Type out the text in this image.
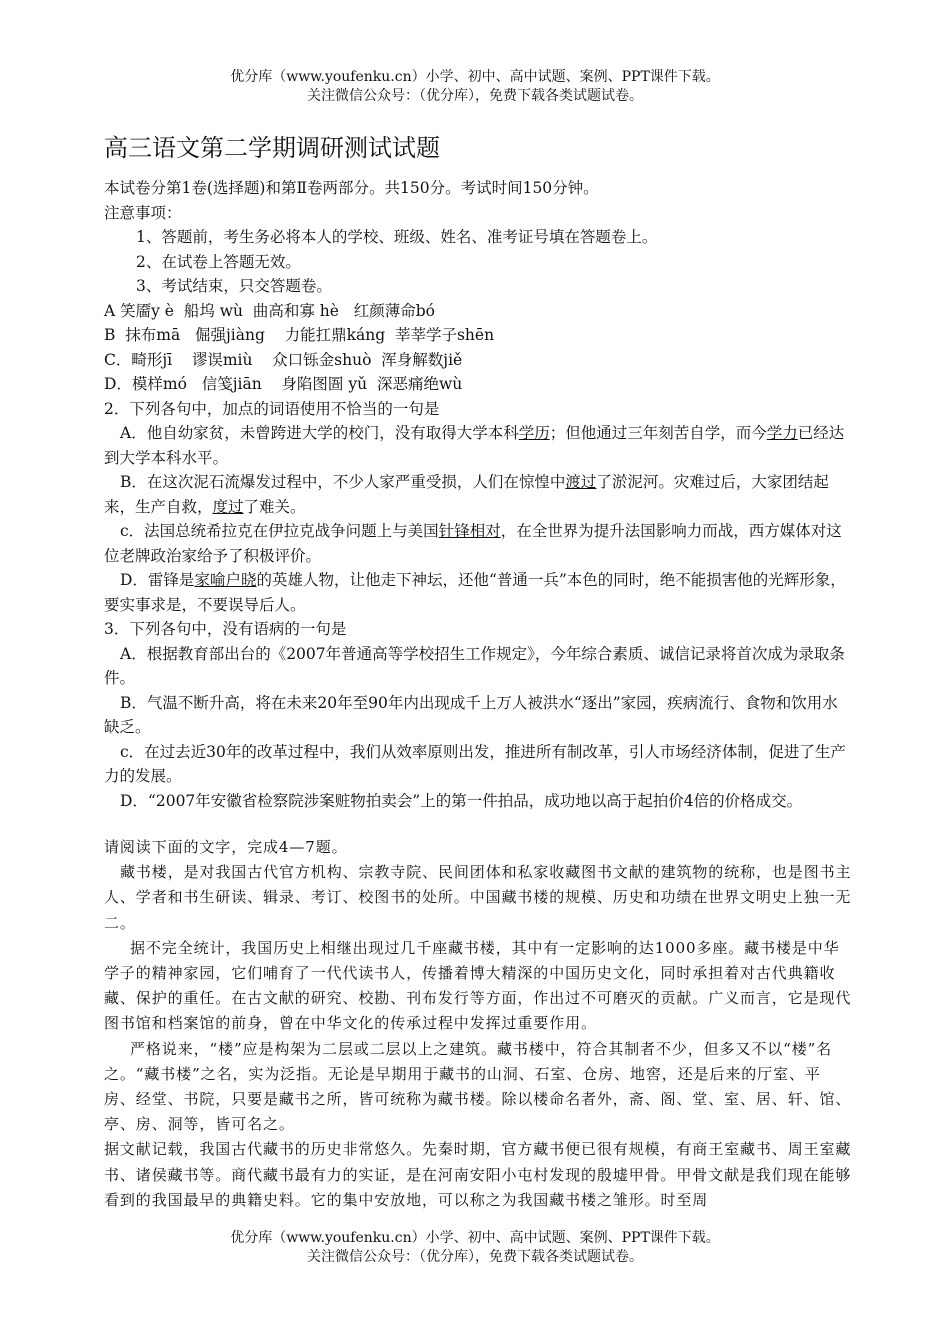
优分库（www.youfenku.cn）小学、初中、高中试题、案例、PPT课件下载。
关注微信公众号：（优分库），免费下载各类试题试卷。
高三语文第二学期调研测试试题
本试卷分第1卷(选择题)和第Ⅱ卷两部分。共150分。考试时间150分钟。
注意事项：
1、答题前，考生务必将本人的学校、班级、姓名、准考证号填在答题卷上。
2、在试卷上答题无效。
3、考试结束，只交答题卷。
A 笑靥y è  船坞 wù  曲高和寡 hè   红颜薄命bó
B  抹布mā   倔强jiàng    力能扛鼎káng  莘莘学子shēn
C．畸形jī    谬误miù    众口铄金shuò  浑身解数jiě
D．模样mó   信笺jiān    身陷图圄 yǔ  深恶痛绝wù
2．下列各句中，加点的词语使用不恰当的一句是
A．他自幼家贫，未曾跨进大学的校门，没有取得大学本科学历；但他通过三年刻苦自学，而今学力已经达到大学本科水平。
B．在这次泥石流爆发过程中，不少人家严重受损，人们在惊惶中渡过了淤泥河。灾难过后，大家团结起来，生产自救，度过了难关。
c．法国总统希拉克在伊拉克战争问题上与美国针锋相对，在全世界为提升法国影响力而战，西方媒体对这位老牌政治家给予了积极评价。
D．雷锋是家喻户晓的英雄人物，让他走下神坛，还他“普通一兵”本色的同时，绝不能损害他的光辉形象，要实事求是，不要误导后人。
3．下列各句中，没有语病的一句是
A．根据教育部出台的《2007年普通高等学校招生工作规定》，今年综合素质、诚信记录将首次成为录取条件。
B．气温不断升高，将在未来20年至90年内出现成千上万人被洪水“逐出”家园，疾病流行、食物和饮用水缺乏。
c．在过去近30年的改革过程中，我们从效率原则出发，推进所有制改革，引人市场经济体制，促进了生产力的发展。
D．“2007年安徽省检察院涉案赃物拍卖会”上的第一件拍品，成功地以高于起拍价4倍的价格成交。
请阅读下面的文字，完成4—7题。
藏书楼，是对我国古代官方机构、宗教寺院、民间团体和私家收藏图书文献的建筑物的统称，也是图书主人、学者和书生研读、辑录、考订、校图书的处所。中国藏书楼的规模、历史和功绩在世界文明史上独一无二。
据不完全统计，我国历史上相继出现过几千座藏书楼，其中有一定影响的达1000多座。藏书楼是中华学子的精神家园，它们哺育了一代代读书人，传播着博大精深的中国历史文化，同时承担着对古代典籍收藏、保护的重任。在古文献的研究、校勘、刊布发行等方面，作出过不可磨灭的贡献。广义而言，它是现代图书馆和档案馆的前身，曾在中华文化的传承过程中发挥过重要作用。
严格说来，“楼”应是构架为二层或二层以上之建筑。藏书楼中，符合其制者不少，但多又不以“楼”名之。“藏书楼”之名，实为泛指。无论是早期用于藏书的山洞、石室、仓房、地窖，还是后来的厅室、平房、经堂、书院，只要是藏书之所，皆可统称为藏书楼。除以楼命名者外，斋、阁、堂、室、居、轩、馆、亭、房、洞等，皆可名之。
据文献记载，我国古代藏书的历史非常悠久。先秦时期，官方藏书便已很有规模，有商王室藏书、周王室藏书、诸侯藏书等。商代藏书最有力的实证，是在河南安阳小屯村发现的殷墟甲骨。甲骨文献是我们现在能够看到的我国最早的典籍史料。它的集中安放地，可以称之为我国藏书楼之雏形。时至周
优分库（www.youfenku.cn）小学、初中、高中试题、案例、PPT课件下载。
关注微信公众号：（优分库），免费下载各类试题试卷。
